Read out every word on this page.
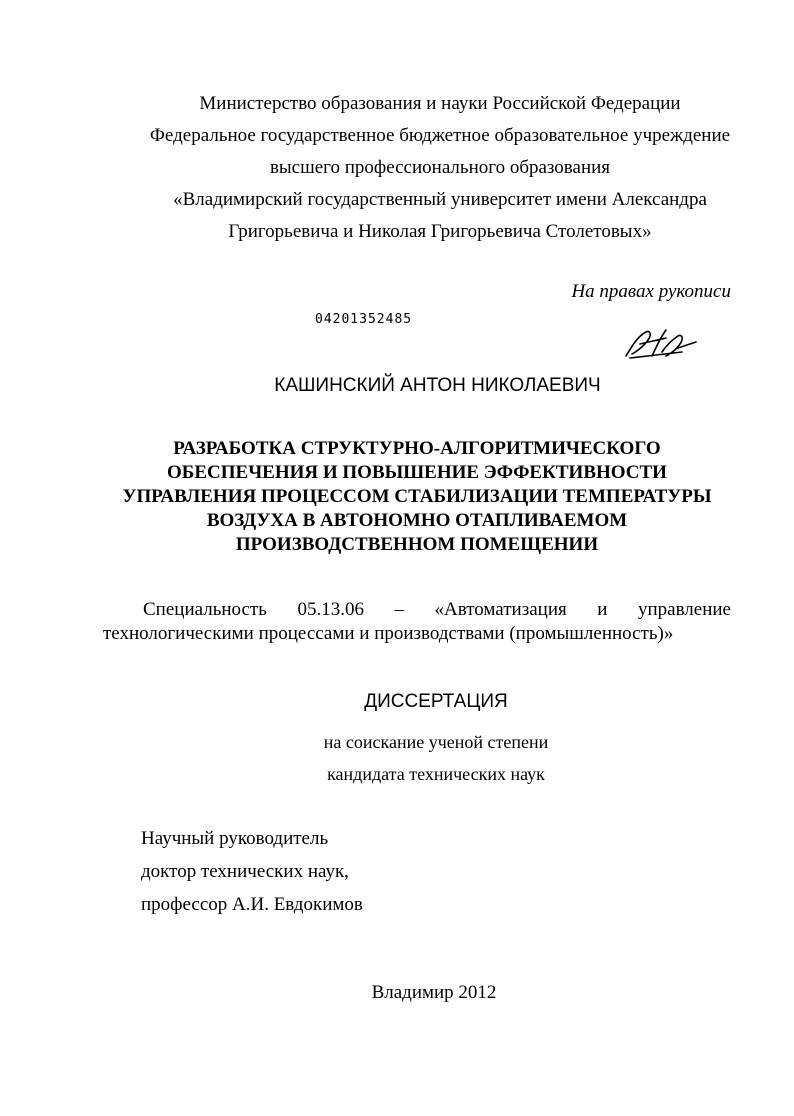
Министерство образования и науки Российской Федерации
Федеральное государственное бюджетное образовательное учреждение
высшего профессионального образования
«Владимирский государственный университет имени Александра
Григорьевича и Николая Григорьевича Столетовых»
На правах рукописи
04201352485
КАШИНСКИЙ АНТОН НИКОЛАЕВИЧ
РАЗРАБОТКА СТРУКТУРНО-АЛГОРИТМИЧЕСКОГО
ОБЕСПЕЧЕНИЯ И ПОВЫШЕНИЕ ЭФФЕКТИВНОСТИ
УПРАВЛЕНИЯ ПРОЦЕССОМ СТАБИЛИЗАЦИИ ТЕМПЕРАТУРЫ
ВОЗДУХА В АВТОНОМНО ОТАПЛИВАЕМОМ
ПРОИЗВОДСТВЕННОМ ПОМЕЩЕНИИ
Специальность 05.13.06 – «Автоматизация и управление
технологическими процессами и производствами (промышленность)»
ДИССЕРТАЦИЯ
на соискание ученой степени
кандидата технических наук
Научный руководитель
доктор технических наук,
профессор А.И. Евдокимов
Владимир 2012
